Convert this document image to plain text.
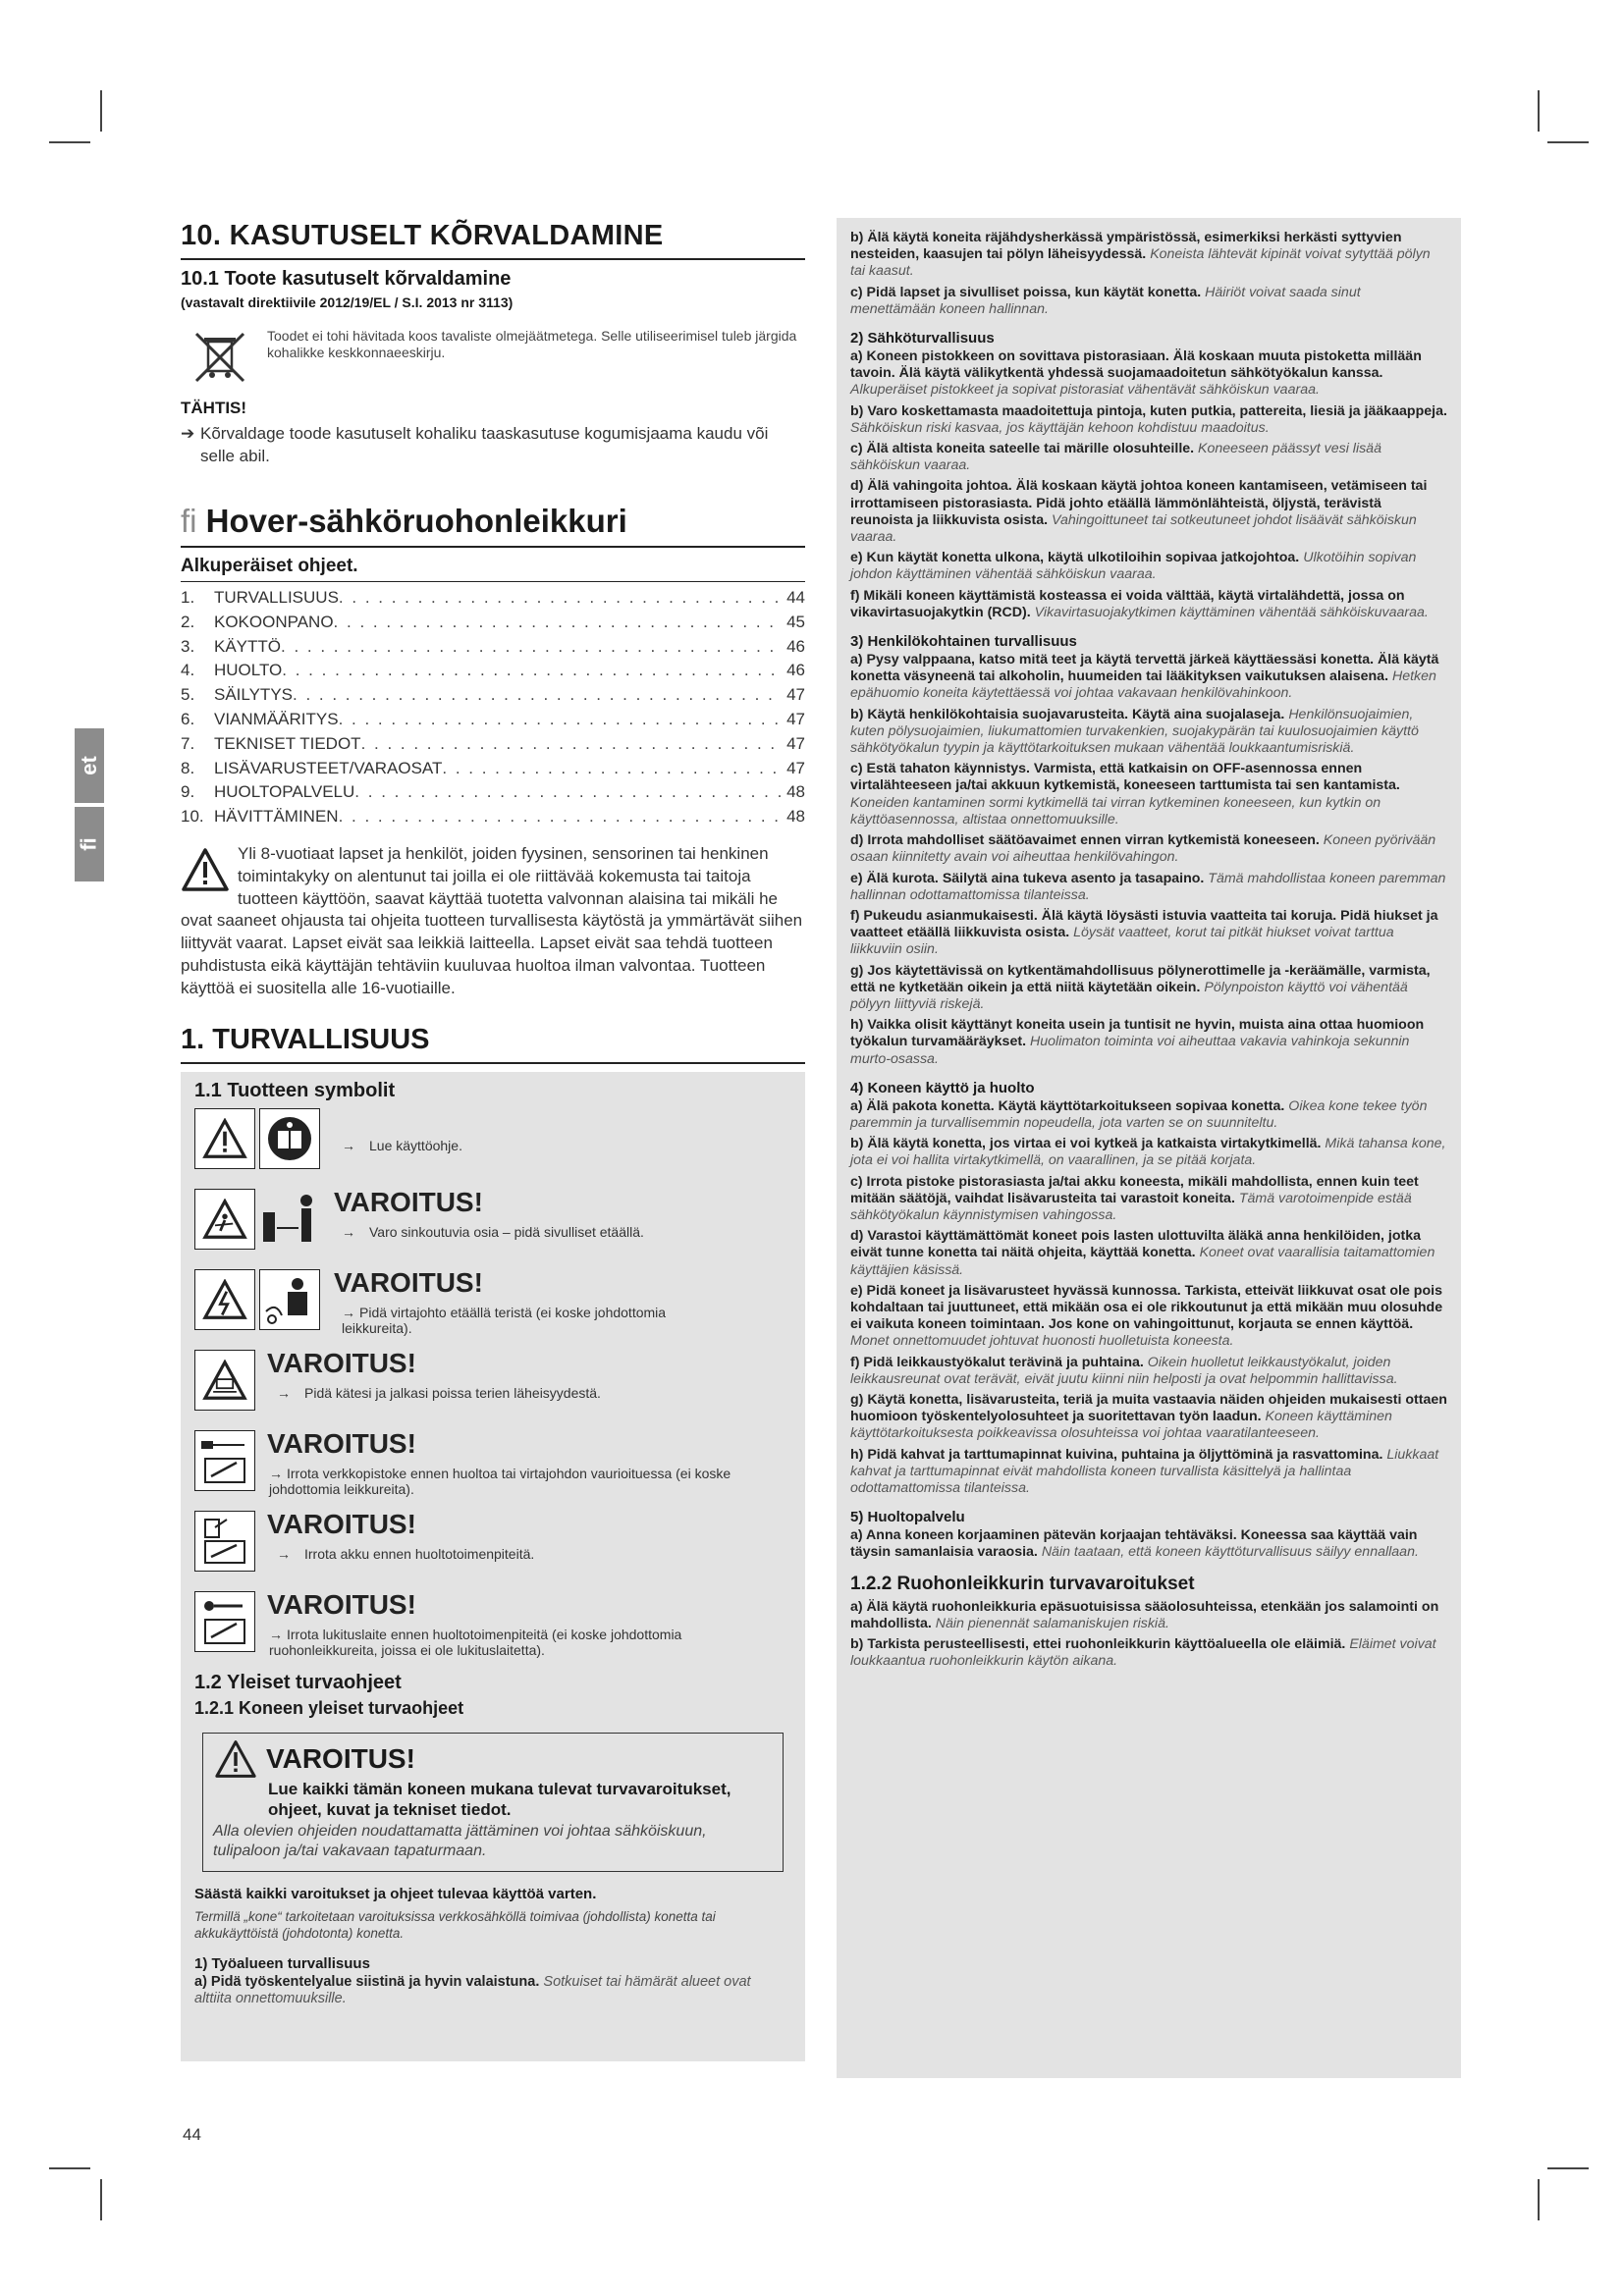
et
fi
10. KASUTUSELT KÕRVALDAMINE
10.1 Toote kasutuselt kõrvaldamine

(vastavalt direktiivile 2012/19/EL / S.I. 2013 nr 3113)

Toodet ei tohi hävitada koos tavaliste olmejäätmetega. Selle utiliseerimisel tuleb järgida kohalikke keskkonnaeeskirju.
TÄHTIS!
➔ Kõrvaldage toode kasutuselt kohaliku taaskasutuse kogumisjaama kaudu või selle abil.
fi Hover-sähköruohonleikkuri
Alkuperäiset ohjeet.
1.	TURVALLISUUS . . .	44
2.	KOKOONPANO . . .	45
3.	KÄYTTÖ . . .	46
4.	HUOLTO . . .	46
5.	SÄILYTYS . . .	47
6.	VIANMÄÄRITYS . . .	47
7.	TEKNISET TIEDOT . . .	47
8.	LISÄVARUSTEET/VARAOSAT . . .	47
9.	HUOLTOPALVELU . . .	48
10. HÄVITTÄMINEN . . .	48
Yli 8-vuotiaat lapset ja henkilöt, joiden fyysinen, sensorinen tai henkinen toimintakyky on alentunut tai joilla ei ole riittävää kokemusta tai taitoja tuotteen käyttöön, saavat käyttää tuotetta valvonnan alaisina tai mikäli he ovat saaneet ohjausta tai ohjeita tuotteen turvallisesta käytöstä ja ymmärtävät siihen liittyvät vaarat. Lapset eivät saa leikkiä laitteella. Lapset eivät saa tehdä tuotteen puhdistusta eikä käyttäjän tehtäviin kuuluvaa huoltoa ilman valvontaa. Tuotteen käyttöä ei suositella alle 16-vuotiaille.
1. TURVALLISUUS
1.1 Tuotteen symbolit
→ Lue käyttöohje.
VAROITUS!
→ Varo sinkoutuvia osia – pidä sivulliset etäällä.
VAROITUS!
→ Pidä virtajohto etäällä teristä (ei koske johdottomia leikkureita).
VAROITUS!
→ Pidä kätesi ja jalkasi poissa terien läheisyydestä.
VAROITUS!
→ Irrota verkkopistoke ennen huoltoa tai virtajohdon vaurioituessa (ei koske johdottomia leikkureita).
VAROITUS!
→ Irrota akku ennen huoltotoimenpiteitä.
VAROITUS!
→ Irrota lukituslaite ennen huoltotoimenpiteitä (ei koske johdottomia ruohonleikkureita, joissa ei ole lukituslaitetta).
1.2 Yleiset turvaohjeet
1.2.1 Koneen yleiset turvaohjeet
VAROITUS!
Lue kaikki tämän koneen mukana tulevat turvavaroitukset, ohjeet, kuvat ja tekniset tiedot.
Alla olevien ohjeiden noudattamatta jättäminen voi johtaa sähköiskuun, tulipaloon ja/tai vakavaan tapaturmaan.
Säästä kaikki varoitukset ja ohjeet tulevaa käyttöä varten.

Termillä „kone“ tarkoitetaan varoituksissa verkkosähköllä toimivaa (johdollista) konetta tai akkukäyttöistä (johdotonta) konetta.

1) Työalueen turvallisuus

a) Pidä työskentelyalue siistinä ja hyvin valaistuna. Sotkuiset tai hämärät alueet ovat alttiita onnettomuuksille.

b) Älä käytä koneita räjähdysherkässä ympäristössä, esimerkiksi herkästi syttyvien nesteiden, kaasujen tai pölyn läheisyydessä. Koneista lähtevät kipinät voivat sytyttää pölyn tai kaasut.

c) Pidä lapset ja sivulliset poissa, kun käytät konetta. Häiriöt voivat saada sinut menettämään koneen hallinnan.

2) Sähköturvallisuus

a) Koneen pistokkeen on sovittava pistorasiaan. Älä koskaan muuta pistoketta millään tavoin. Älä käytä välikytkentä yhdessä suojamaadoitetun sähkötyökalun kanssa. Alkuperäiset pistokkeet ja sopivat pistorasiat vähentävät sähköiskun vaaraa.

b) Varo koskettamasta maadoitettuja pintoja, kuten putkia, pattereita, liesiä ja jääkaappeja. Sähköiskun riski kasvaa, jos käyttäjän kehoon kohdistuu maadoitus.

c) Älä altista koneita sateelle tai märille olosuhteille. Koneeseen päässyt vesi lisää sähköiskun vaaraa.

d) Älä vahingoita johtoa. Älä koskaan käytä johtoa koneen kantamiseen, vetämiseen tai irrottamiseen pistorasiasta. Pidä johto etäällä lämmönlähteistä, öljystä, terävistä reunoista ja liikkuvista osista. Vahingoittuneet tai sotkeutuneet johdot lisäävät sähköiskun vaaraa.

e) Kun käytät konetta ulkona, käytä ulkotiloihin sopivaa jatkojohtoa. Ulkotöihin sopivan johdon käyttäminen vähentää sähköiskun vaaraa.

f) Mikäli koneen käyttämistä kosteassa ei voida välttää, käytä virtalähdettä, jossa on vikavirtasuojakytkin (RCD). Vikavirtasuojakytkimen käyttäminen vähentää sähköiskuvaaraa.

3) Henkilökohtainen turvallisuus

a) Pysy valppaana, katso mitä teet ja käytä tervettä järkeä käyttäessäsi konetta. Älä käytä konetta väsyneenä tai alkoholin, huumeiden tai lääkityksen vaikutuksen alaisena. Hetken epähuomio koneita käytettäessä voi johtaa vakavaan henkilövahinkoon.

b) Käytä henkilökohtaisia suojavarusteita. Käytä aina suojalaseja. Henkilönsuojaimien, kuten pölysuojaimien, liukumattomien turvakenkien, suojakypärän tai kuulosuojaimien käyttö sähkötyökalun tyypin ja käyttötarkoituksen mukaan vähentää loukkaantumisriskiä.

c) Estä tahaton käynnistys. Varmista, että katkaisin on OFF-asennossa ennen virtalähteeseen ja/tai akkuun kytkemistä, koneeseen tarttumista tai sen kantamista. Koneiden kantaminen sormi kytkimellä tai virran kytkeminen koneeseen, kun kytkin on käyttöasennossa, altistaa onnettomuuksille.

d) Irrota mahdolliset säätöavaimet ennen virran kytkemistä koneeseen. Koneen pyörivään osaan kiinnitetty avain voi aiheuttaa henkilövahingon.

e) Älä kurota. Säilytä aina tukeva asento ja tasapaino. Tämä mahdollistaa koneen paremman hallinnan odottamattomissa tilanteissa.

f) Pukeudu asianmukaisesti. Älä käytä löysästi istuvia vaatteita tai koruja. Pidä hiukset ja vaatteet etäällä liikkuvista osista. Löysät vaatteet, korut tai pitkät hiukset voivat tarttua liikkuviin osiin.

g) Jos käytettävissä on kytkentämahdollisuus pölynerottimelle ja -keräämälle, varmista, että ne kytketään oikein ja että niitä käytetään oikein. Pölynpoiston käyttö voi vähentää pölyyn liittyviä riskejä.

h) Vaikka olisit käyttänyt koneita usein ja tuntisit ne hyvin, muista aina ottaa huomioon työkalun turvamääräykset. Huolimaton toiminta voi aiheuttaa vakavia vahinkoja sekunnin murto-osassa.

4) Koneen käyttö ja huolto

a) Älä pakota konetta. Käytä käyttötarkoitukseen sopivaa konetta. Oikea kone tekee työn paremmin ja turvallisemmin nopeudella, jota varten se on suunniteltu.

b) Älä käytä konetta, jos virtaa ei voi kytkeä ja katkaista virtakytkimellä. Mikä tahansa kone, jota ei voi hallita virtakytkimellä, on vaarallinen, ja se pitää korjata.

c) Irrota pistoke pistorasiasta ja/tai akku koneesta, mikäli mahdollista, ennen kuin teet mitään säätöjä, vaihdat lisävarusteita tai varastoit koneita. Tämä varotoimenpide estää sähkötyökalun käynnistymisen vahingossa.

d) Varastoi käyttämättömät koneet pois lasten ulottuvilta äläkä anna henkilöiden, jotka eivät tunne konetta tai näitä ohjeita, käyttää konetta. Koneet ovat vaarallisia taitamattomien käyttäjien käsissä.

e) Pidä koneet ja lisävarusteet hyvässä kunnossa. Tarkista, etteivät liikkuvat osat ole pois kohdaltaan tai juuttuneet, että mikään osa ei ole rikkoutunut ja että mikään muu olosuhde ei vaikuta koneen toimintaan. Jos kone on vahingoittunut, korjauta se ennen käyttöä. Monet onnettomuudet johtuvat huonosti huolletuista koneesta.

f) Pidä leikkaustyökalut terävinä ja puhtaina. Oikein huolletut leikkaustyökalut, joiden leikkausreunat ovat terävät, eivät juutu kiinni niin helposti ja ovat helpommin hallittavissa.

g) Käytä konetta, lisävarusteita, teriä ja muita vastaavia näiden ohjeiden mukaisesti ottaen huomioon työskentelyolosuhteet ja suoritettavan työn laadun. Koneen käyttäminen käyttötarkoituksesta poikkeavissa olosuhteissa voi johtaa vaaratilanteeseen.

h) Pidä kahvat ja tarttumapinnat kuivina, puhtaina ja öljyttöminä ja rasvattomina. Liukkaat kahvat ja tarttumapinnat eivät mahdollista koneen turvallista käsittelyä ja hallintaa odottamattomissa tilanteissa.

5) Huoltopalvelu

a) Anna koneen korjaaminen pätevän korjaajan tehtäväksi. Koneessa saa käyttää vain täysin samanlaisia varaosia. Näin taataan, että koneen käyttöturvallisuus säilyy ennallaan.

1.2.2 Ruohonleikkurin turvavaroitukset

a) Älä käytä ruohonleikkuria epäsuotuisissa sääolosuhteissa, etenkään jos salamointi on mahdollista. Näin pienennät salamaniskujen riskiä.

b) Tarkista perusteellisesti, ettei ruohonleikkurin käyttöalueella ole eläimiä. Eläimet voivat loukkaantua ruohonleikkurin käytön aikana.

44
